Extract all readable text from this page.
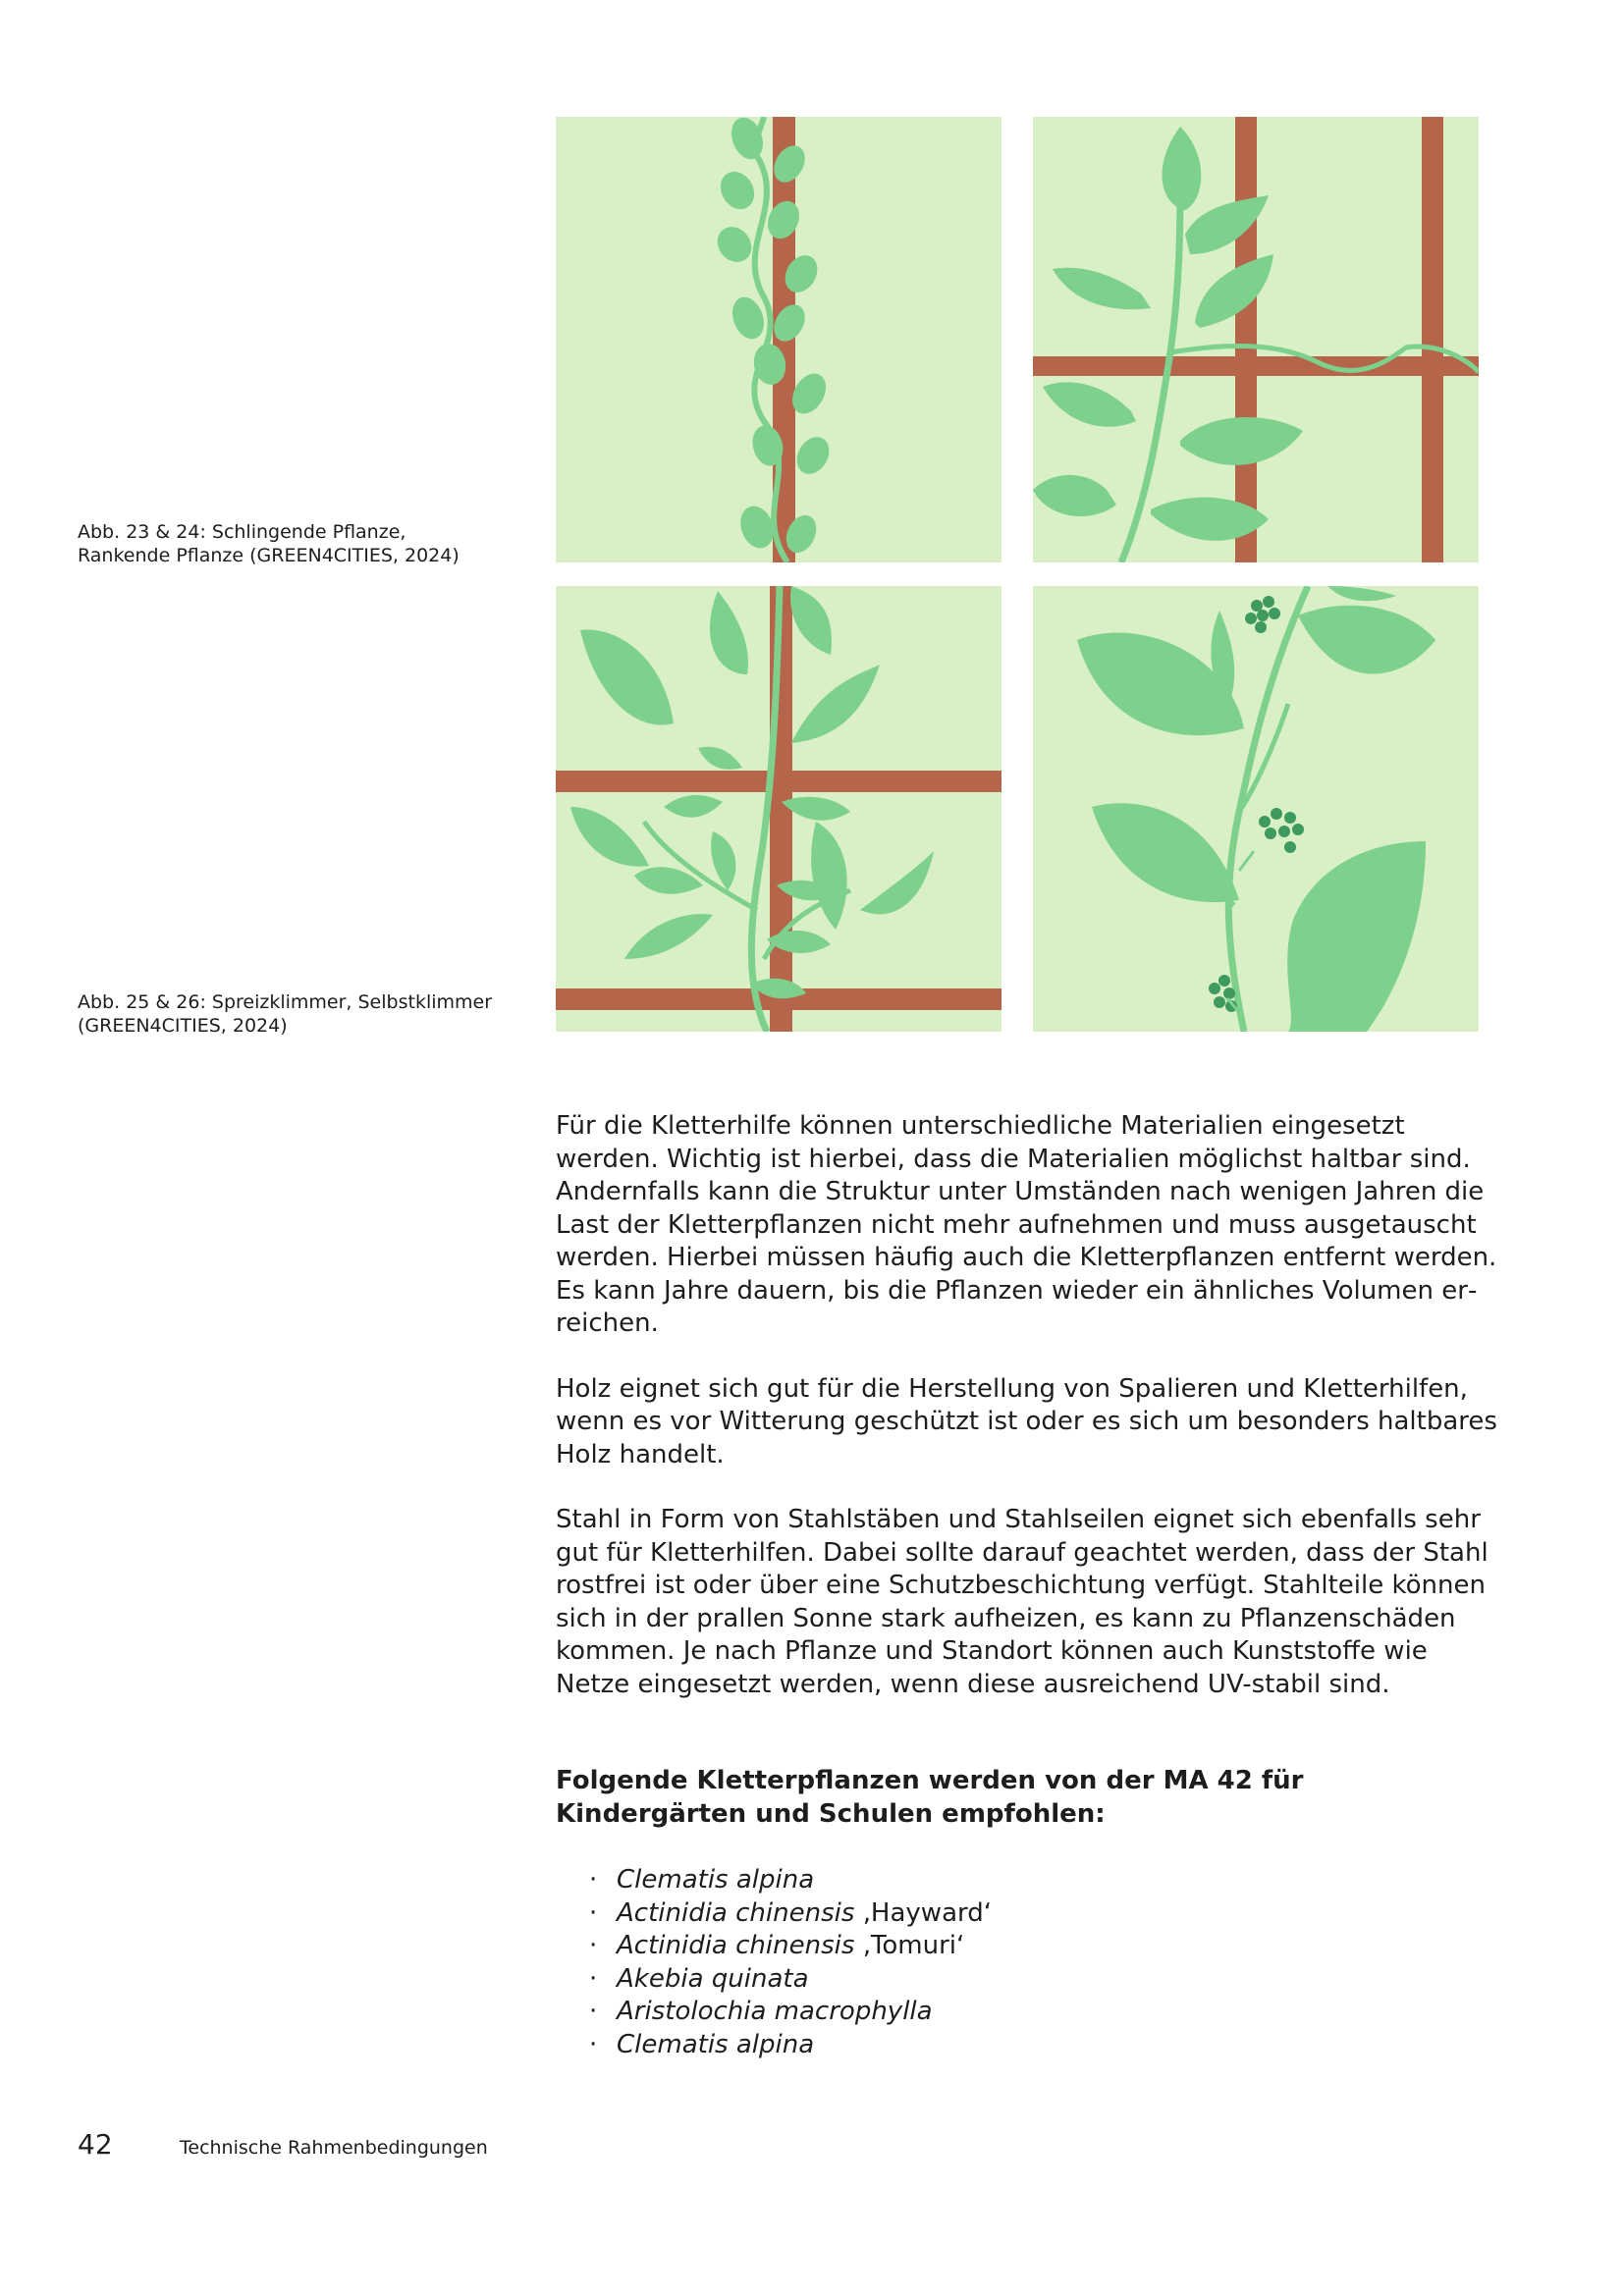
Abb. 23 & 24: Schlingende Pflanze, Rankende Pflanze (GREEN4CITIES, 2024)
Abb. 25 & 26: Spreizklimmer, Selbstklimmer (GREEN4CITIES, 2024)

Für die Kletterhilfe können unterschiedliche Materialien eingesetzt werden. Wichtig ist hierbei, dass die Materialien möglichst haltbar sind. Andernfalls kann die Struktur unter Umständen nach wenigen Jahren die Last der Kletterpflanzen nicht mehr aufnehmen und muss ausgetauscht werden. Hierbei müssen häufig auch die Kletterpflanzen entfernt werden. Es kann Jahre dauern, bis die Pflanzen wieder ein ähnliches Volumen erreichen.

Holz eignet sich gut für die Herstellung von Spalieren und Kletterhilfen, wenn es vor Witterung geschützt ist oder es sich um besonders haltbares Holz handelt.

Stahl in Form von Stahlstäben und Stahlseilen eignet sich ebenfalls sehr gut für Kletterhilfen. Dabei sollte darauf geachtet werden, dass der Stahl rostfrei ist oder über eine Schutzbeschichtung verfügt. Stahlteile können sich in der prallen Sonne stark aufheizen, es kann zu Pflanzenschäden kommen. Je nach Pflanze und Standort können auch Kunststoffe wie Netze eingesetzt werden, wenn diese ausreichend UV-stabil sind.

Folgende Kletterpflanzen werden von der MA 42 für Kindergärten und Schulen empfohlen:
· Clematis alpina
· Actinidia chinensis ‚Hayward‘
· Actinidia chinensis ‚Tomuri‘
· Akebia quinata
· Aristolochia macrophylla
· Clematis alpina
42	Technische Rahmenbedingungen
